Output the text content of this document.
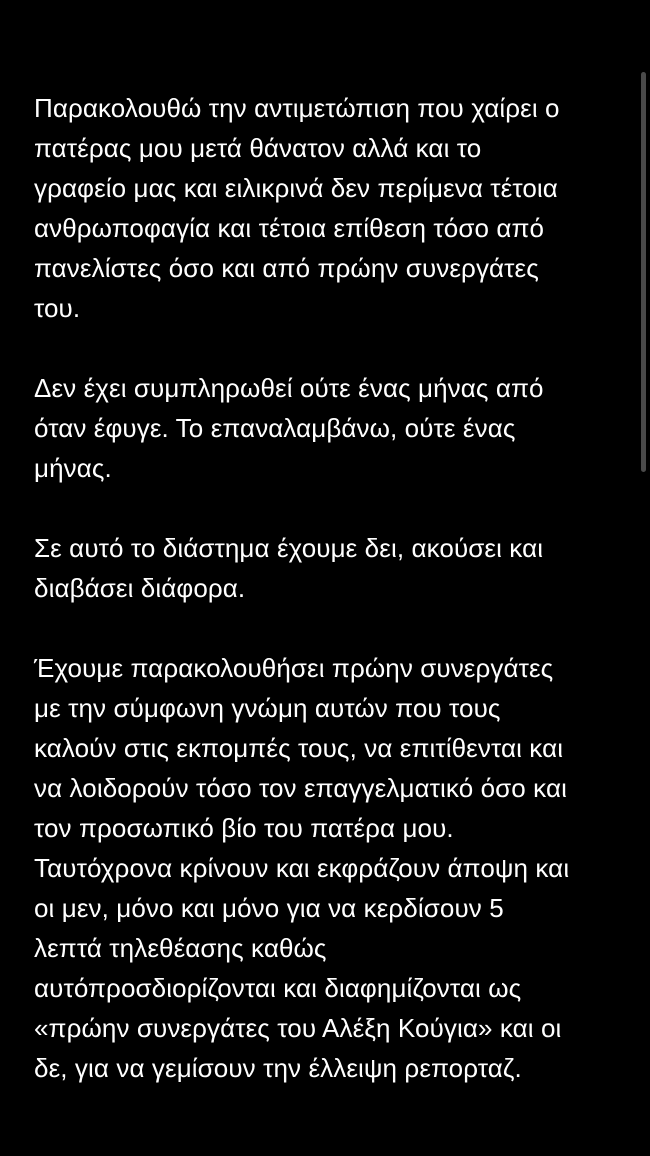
Παρακολουθώ την αντιμετώπιση που χαίρει ο
πατέρας μου μετά θάνατον αλλά και το
γραφείο μας και ειλικρινά δεν περίμενα τέτοια
ανθρωποφαγία και τέτοια επίθεση τόσο από
πανελίστες όσο και από πρώην συνεργάτες
του.

Δεν έχει συμπληρωθεί ούτε ένας μήνας από
όταν έφυγε. Το επαναλαμβάνω, ούτε ένας
μήνας.

Σε αυτό το διάστημα έχουμε δει, ακούσει και
διαβάσει διάφορα.

Έχουμε παρακολουθήσει πρώην συνεργάτες
με την σύμφωνη γνώμη αυτών που τους
καλούν στις εκπομπές τους, να επιτίθενται και
να λοιδορούν τόσο τον επαγγελματικό όσο και
τον προσωπικό βίο του πατέρα μου.
Ταυτόχρονα κρίνουν και εκφράζουν άποψη και
οι μεν, μόνο και μόνο για να κερδίσουν 5
λεπτά τηλεθέασης καθώς
αυτόπροσδιορίζονται και διαφημίζονται ως
«πρώην συνεργάτες του Αλέξη Κούγια» και οι
δε, για να γεμίσουν την έλλειψη ρεπορταζ.
